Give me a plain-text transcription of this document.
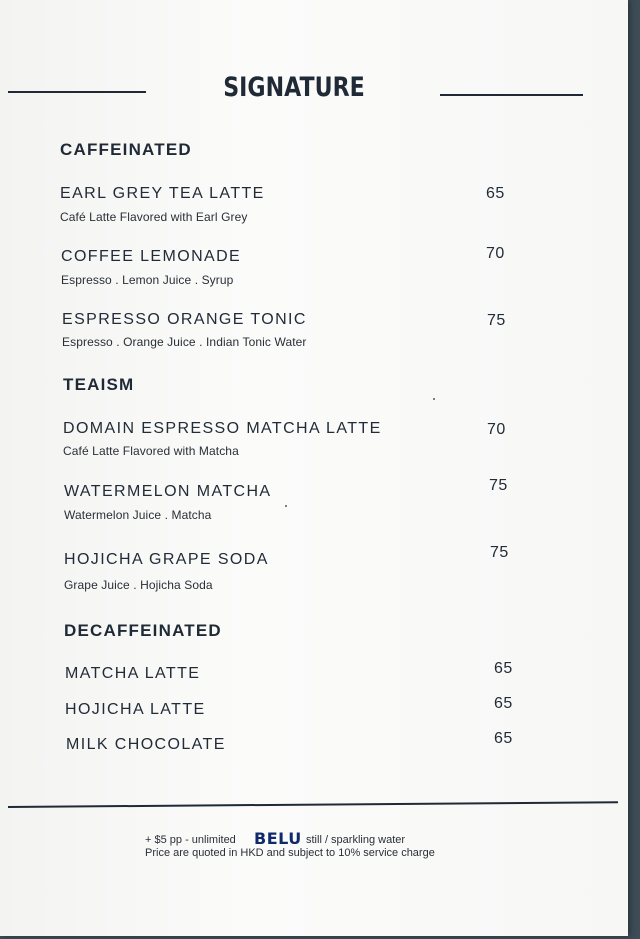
SIGNATURE
CAFFEINATED
EARL GREY TEA LATTE
Café Latte Flavored with Earl Grey
65
COFFEE LEMONADE
Espresso . Lemon Juice . Syrup
70
ESPRESSO ORANGE TONIC
Espresso . Orange Juice . Indian Tonic Water
75
TEAISM
DOMAIN ESPRESSO MATCHA LATTE
Café Latte Flavored with Matcha
70
WATERMELON MATCHA
Watermelon Juice . Matcha
75
HOJICHA GRAPE SODA
Grape Juice . Hojicha Soda
75
DECAFFEINATED
MATCHA LATTE	65
HOJICHA LATTE	65
MILK CHOCOLATE	65
+ $5 pp - unlimited BELU still / sparkling water
Price are quoted in HKD and subject to 10% service charge
